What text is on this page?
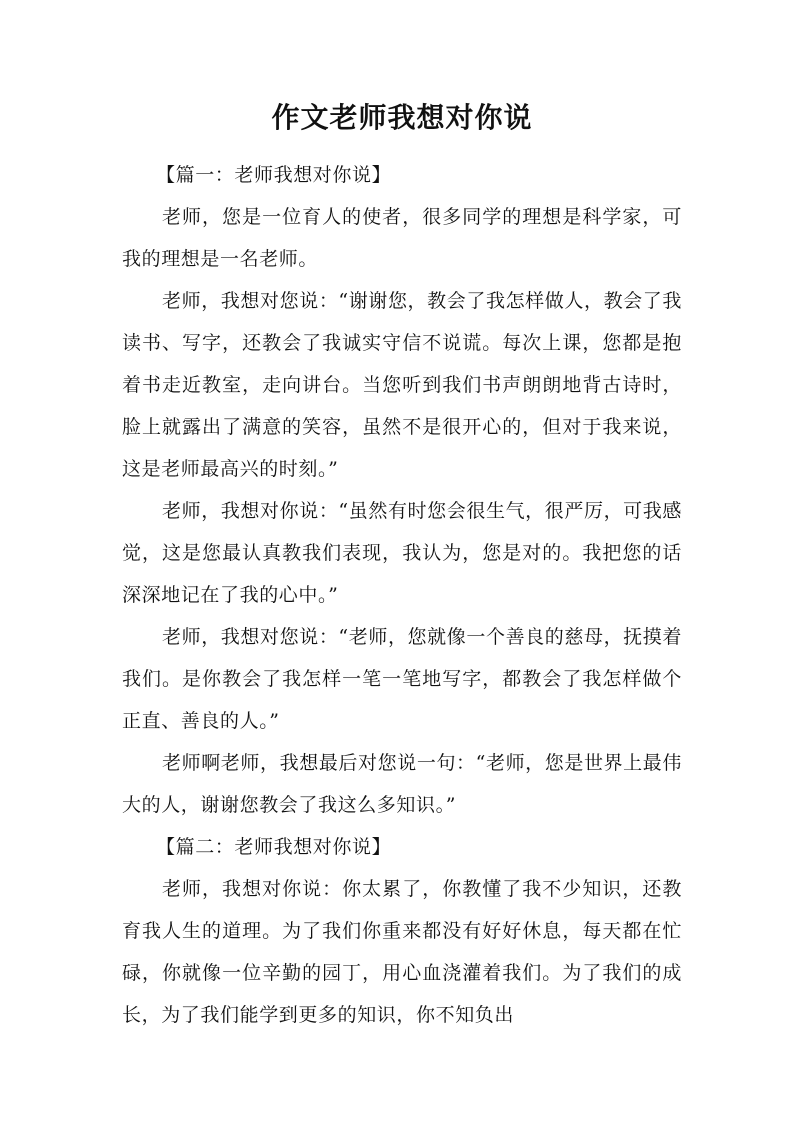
作文老师我想对你说

【篇一：老师我想对你说】

老师，您是一位育人的使者，很多同学的理想是科学家，可我的理想是一名老师。

老师，我想对您说：“谢谢您，教会了我怎样做人，教会了我读书、写字，还教会了我诚实守信不说谎。每次上课，您都是抱着书走近教室，走向讲台。当您听到我们书声朗朗地背古诗时，脸上就露出了满意的笑容，虽然不是很开心的，但对于我来说，这是老师最高兴的时刻。”

老师，我想对你说：“虽然有时您会很生气，很严厉，可我感觉，这是您最认真教我们表现，我认为，您是对的。我把您的话深深地记在了我的心中。”

老师，我想对您说：“老师，您就像一个善良的慈母，抚摸着我们。是你教会了我怎样一笔一笔地写字，都教会了我怎样做个正直、善良的人。”

老师啊老师，我想最后对您说一句：“老师，您是世界上最伟大的人，谢谢您教会了我这么多知识。”

【篇二：老师我想对你说】

老师，我想对你说：你太累了，你教懂了我不少知识，还教育我人生的道理。为了我们你重来都没有好好休息，每天都在忙碌，你就像一位辛勤的园丁，用心血浇灌着我们。为了我们的成长，为了我们能学到更多的知识，你不知负出
